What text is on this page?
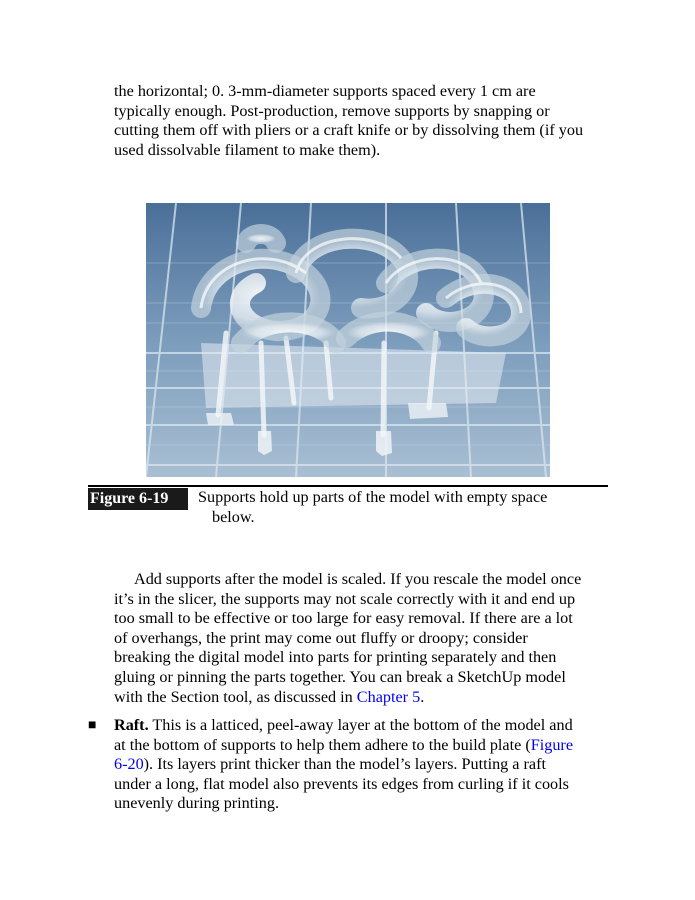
the horizontal; 0. 3-mm-diameter supports spaced every 1 cm are
typically enough. Post-production, remove supports by snapping or
cutting them off with pliers or a craft knife or by dissolving them (if you
used dissolvable filament to make them).

Figure 6-19	Supports hold up parts of the model with empty space
below.

Add supports after the model is scaled. If you rescale the model once
it’s in the slicer, the supports may not scale correctly with it and end up
too small to be effective or too large for easy removal. If there are a lot
of overhangs, the print may come out fluffy or droopy; consider
breaking the digital model into parts for printing separately and then
gluing or pinning the parts together. You can break a SketchUp model
with the Section tool, as discussed in Chapter 5.

■ Raft. This is a latticed, peel-away layer at the bottom of the model and
at the bottom of supports to help them adhere to the build plate (Figure
6-20). Its layers print thicker than the model’s layers. Putting a raft
under a long, flat model also prevents its edges from curling if it cools
unevenly during printing.
